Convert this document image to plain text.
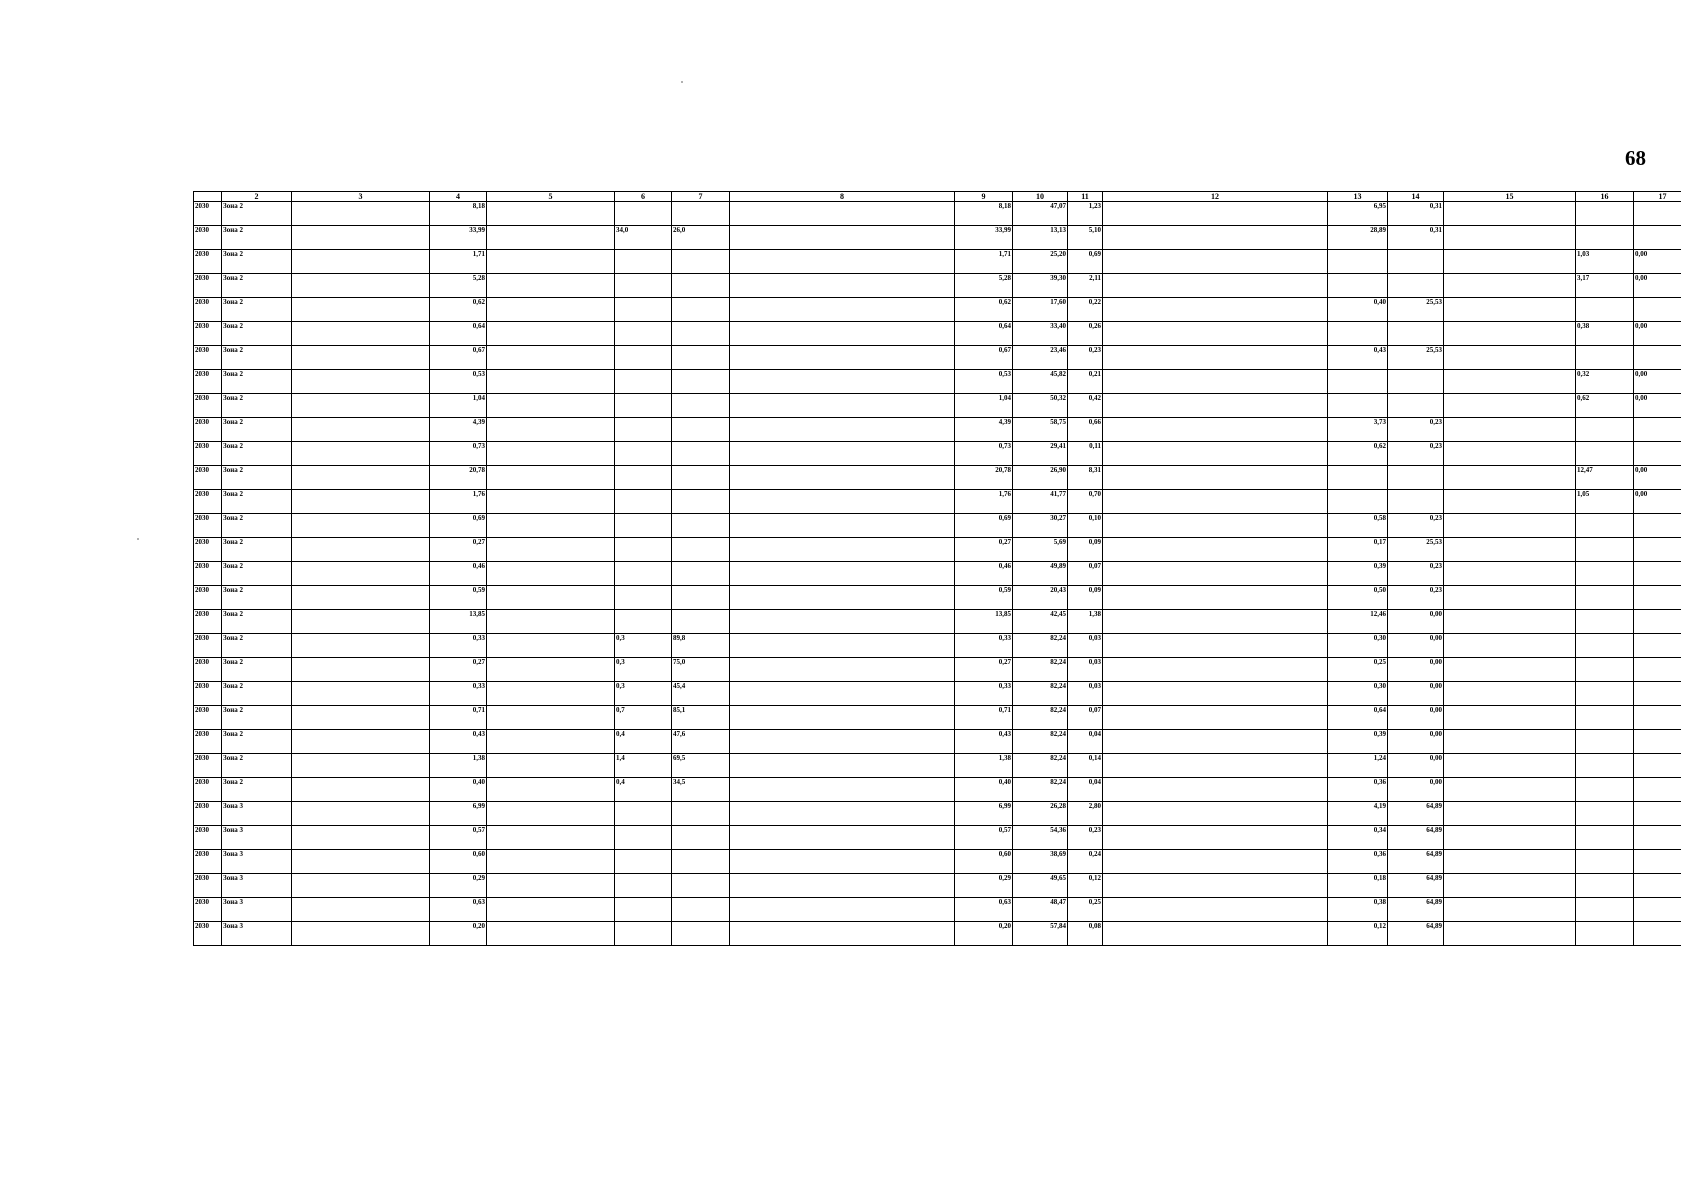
68
	2	3	4	5	6	7	8	9	10	11	12	13	14	15	16	17
2030	Зона 2		8,18					8,18	47,07	1,23		6,95	0,31			
2030	Зона 2		33,99		34,0	26,0		33,99	13,13	5,10		28,89	0,31			
2030	Зона 2		1,71					1,71	25,20	0,69					1,03	0,00
2030	Зона 2		5,28					5,28	39,30	2,11					3,17	0,00
2030	Зона 2		0,62					0,62	17,60	0,22		0,40	25,53			
2030	Зона 2		0,64					0,64	33,40	0,26					0,38	0,00
2030	Зона 2		0,67					0,67	23,46	0,23		0,43	25,53			
2030	Зона 2		0,53					0,53	45,82	0,21					0,32	0,00
2030	Зона 2		1,04					1,04	50,32	0,42					0,62	0,00
2030	Зона 2		4,39					4,39	58,75	0,66		3,73	0,23			
2030	Зона 2		0,73					0,73	29,41	0,11		0,62	0,23			
2030	Зона 2		20,78					20,78	26,90	8,31					12,47	0,00
2030	Зона 2		1,76					1,76	41,77	0,70					1,05	0,00
2030	Зона 2		0,69					0,69	30,27	0,10		0,58	0,23			
2030	Зона 2		0,27					0,27	5,69	0,09		0,17	25,53			
2030	Зона 2		0,46					0,46	49,89	0,07		0,39	0,23			
2030	Зона 2		0,59					0,59	20,43	0,09		0,50	0,23			
2030	Зона 2		13,85					13,85	42,45	1,38		12,46	0,00			
2030	Зона 2		0,33		0,3	89,8		0,33	82,24	0,03		0,30	0,00			
2030	Зона 2		0,27		0,3	75,0		0,27	82,24	0,03		0,25	0,00			
2030	Зона 2		0,33		0,3	45,4		0,33	82,24	0,03		0,30	0,00			
2030	Зона 2		0,71		0,7	85,1		0,71	82,24	0,07		0,64	0,00			
2030	Зона 2		0,43		0,4	47,6		0,43	82,24	0,04		0,39	0,00			
2030	Зона 2		1,38		1,4	69,5		1,38	82,24	0,14		1,24	0,00			
2030	Зона 2		0,40		0,4	34,5		0,40	82,24	0,04		0,36	0,00			
2030	Зона 3		6,99					6,99	26,28	2,80		4,19	64,89			
2030	Зона 3		0,57					0,57	54,36	0,23		0,34	64,89			
2030	Зона 3		0,60					0,60	38,69	0,24		0,36	64,89			
2030	Зона 3		0,29					0,29	49,65	0,12		0,18	64,89			
2030	Зона 3		0,63					0,63	48,47	0,25		0,38	64,89			
2030	Зона 3		0,20					0,20	57,84	0,08		0,12	64,89			
